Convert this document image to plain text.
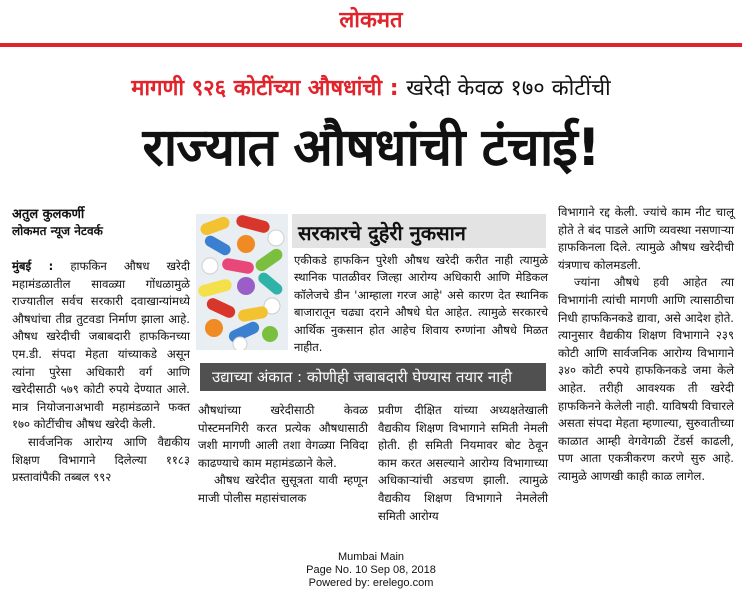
लोकमत
मागणी ९२६ कोटींच्या औषधांची : खरेदी केवळ १७० कोटींची
राज्यात औषधांची टंचाई!
अतुल कुलकर्णी
लोकमत न्यूज नेटवर्क

मुंबई : हाफकिन औषध खरेदी महामंडळातील सावळ्या गोंधळामुळे राज्यातील सर्वच सरकारी दवाखान्यांमध्ये औषधांचा तीव्र तुटवडा निर्माण झाला आहे. औषध खरेदीची जबाबदारी हाफकिनच्या एम.डी. संपदा मेहता यांच्याकडे असून त्यांना पुरेसा अधिकारी वर्ग आणि खरेदीसाठी ५७९ कोटी रुपये देण्यात आले. मात्र नियोजनाअभावी महामंडळाने फक्त १७० कोटींचीच औषध खरेदी केली.

सार्वजनिक आरोग्य आणि वैद्यकीय शिक्षण विभागाने दिलेल्या ११८३ प्रस्तावांपैकी तब्बल ९९२

सरकारचे दुहेरी नुकसान
एकीकडे हाफकिन पुरेशी औषध खरेदी करीत नाही त्यामुळे स्थानिक पातळीवर जिल्हा आरोग्य अधिकारी आणि मेडिकल कॉलेजचे डीन 'आम्हाला गरज आहे' असे कारण देत स्थानिक बाजारातून चढ्या दराने औषधे घेत आहेत. त्यामुळे सरकारचे आर्थिक नुकसान होत आहेच शिवाय रुग्णांना औषधे मिळत नाहीत.
उद्याच्या अंकात : कोणीही जबाबदारी घेण्यास तयार नाही

औषधांच्या खरेदीसाठी केवळ पोस्टमनगिरी करत प्रत्येक औषधासाठी जशी मागणी आली तशा वेगळ्या निविदा काढण्याचे काम महामंडळाने केले.

औषध खरेदीत सुसूत्रता यावी म्हणून माजी पोलीस महासंचालक

प्रवीण दीक्षित यांच्या अध्यक्षतेखाली वैद्यकीय शिक्षण विभागाने समिती नेमली होती. ही समिती नियमावर बोट ठेवून काम करत असल्याने आरोग्य विभागाच्या अधिकाऱ्यांची अडचण झाली. त्यामुळे वैद्यकीय शिक्षण विभागाने नेमलेली समिती आरोग्य

विभागाने रद्द केली. ज्यांचे काम नीट चालू होते ते बंद पाडले आणि व्यवस्था नसणाऱ्या हाफकिनला दिले. त्यामुळे औषध खरेदीची यंत्रणाच कोलमडली.

ज्यांना औषधे हवी आहेत त्या विभागांनी त्यांची मागणी आणि त्यासाठीचा निधी हाफकिनकडे द्यावा, असे आदेश होते. त्यानुसार वैद्यकीय शिक्षण विभागाने २३९ कोटी आणि सार्वजनिक आरोग्य विभागाने ३४० कोटी रुपये हाफकिनकडे जमा केले आहेत. तरीही आवश्यक ती खरेदी हाफकिनने केलेली नाही. याविषयी विचारले असता संपदा मेहता म्हणाल्या, सुरुवातीच्या काळात आम्ही वेगवेगळी टेंडर्स काढली, पण आता एकत्रीकरण करणे सुरु आहे. त्यामुळे आणखी काही काळ लागेल.

Mumbai Main
Page No. 10 Sep 08, 2018
Powered by: erelego.com
